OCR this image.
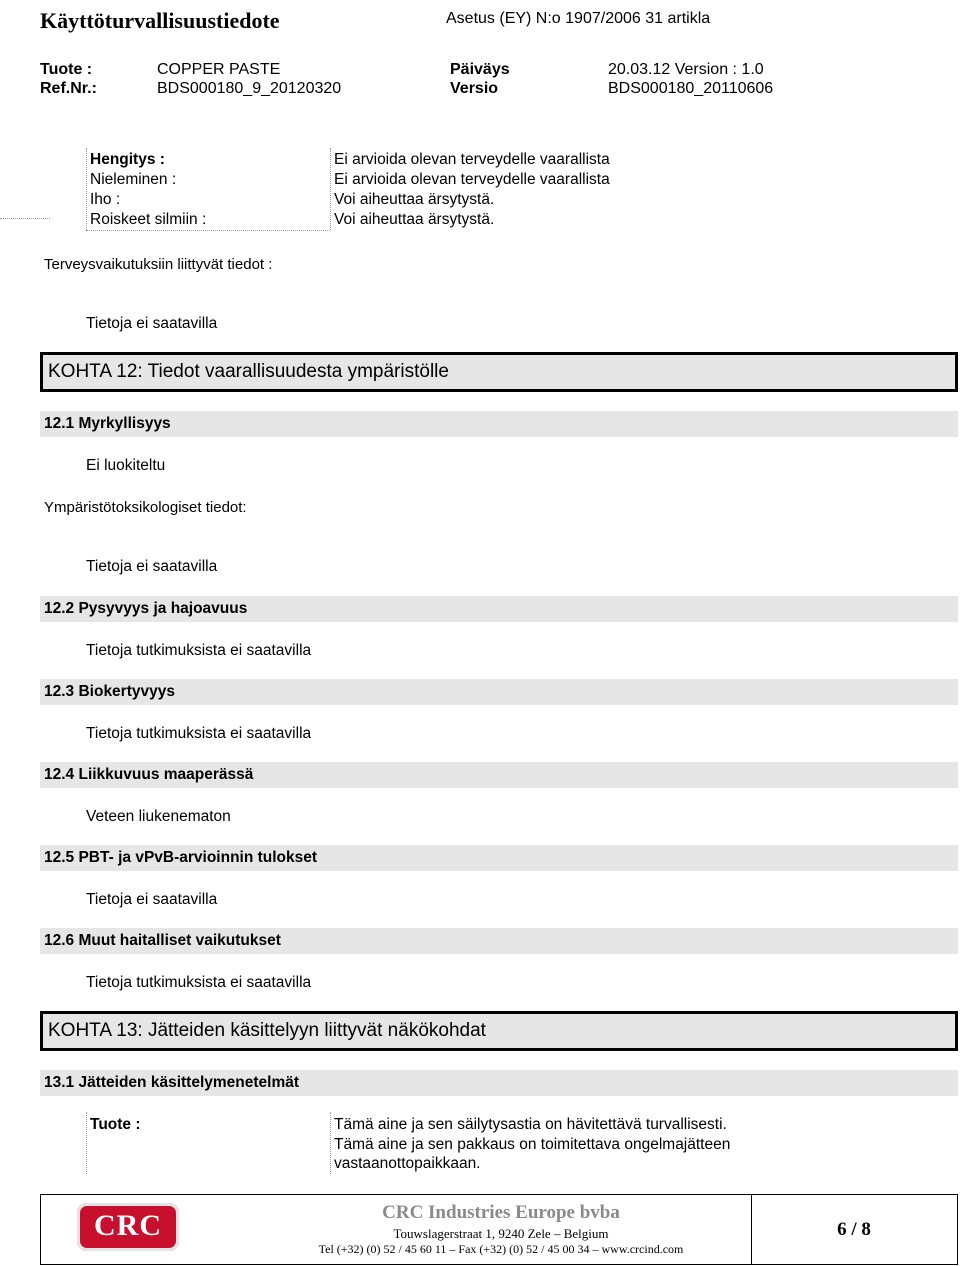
Käyttöturvallisuustiedote	Asetus (EY) N:o 1907/2006 31 artikla
Tuote :	COPPER PASTE	Päiväys	20.03.12 Version : 1.0
Ref.Nr.:	BDS000180_9_20120320	Versio	BDS000180_20110606
Hengitys :	Ei arvioida olevan terveydelle vaarallista
Nieleminen :	Ei arvioida olevan terveydelle vaarallista
Iho :	Voi aiheuttaa ärsytystä.
Roiskeet silmiin :	Voi aiheuttaa ärsytystä.
Terveysvaikutuksiin liittyvät tiedot :
Tietoja ei saatavilla
KOHTA 12: Tiedot vaarallisuudesta ympäristölle
12.1 Myrkyllisyys
Ei luokiteltu
Ympäristötoksikologiset tiedot:
Tietoja ei saatavilla
12.2 Pysyvyys ja hajoavuus
Tietoja tutkimuksista ei saatavilla
12.3 Biokertyvyys
Tietoja tutkimuksista ei saatavilla
12.4 Liikkuvuus maaperässä
Veteen liukenematon
12.5 PBT- ja vPvB-arvioinnin tulokset
Tietoja ei saatavilla
12.6 Muut haitalliset vaikutukset
Tietoja tutkimuksista ei saatavilla
KOHTA 13: Jätteiden käsittelyyn liittyvät näkökohdat
13.1 Jätteiden käsittelymenetelmät
Tuote :	Tämä aine ja sen säilytysastia on hävitettävä turvallisesti.
Tämä aine ja sen pakkaus on toimitettava ongelmajätteen
vastaanottopaikkaan.
CRC	CRC Industries Europe bvba
Touwslagerstraat 1, 9240 Zele – Belgium
Tel (+32) (0) 52 / 45 60 11 – Fax (+32) (0) 52 / 45 00 34 – www.crcind.com
6 / 8
